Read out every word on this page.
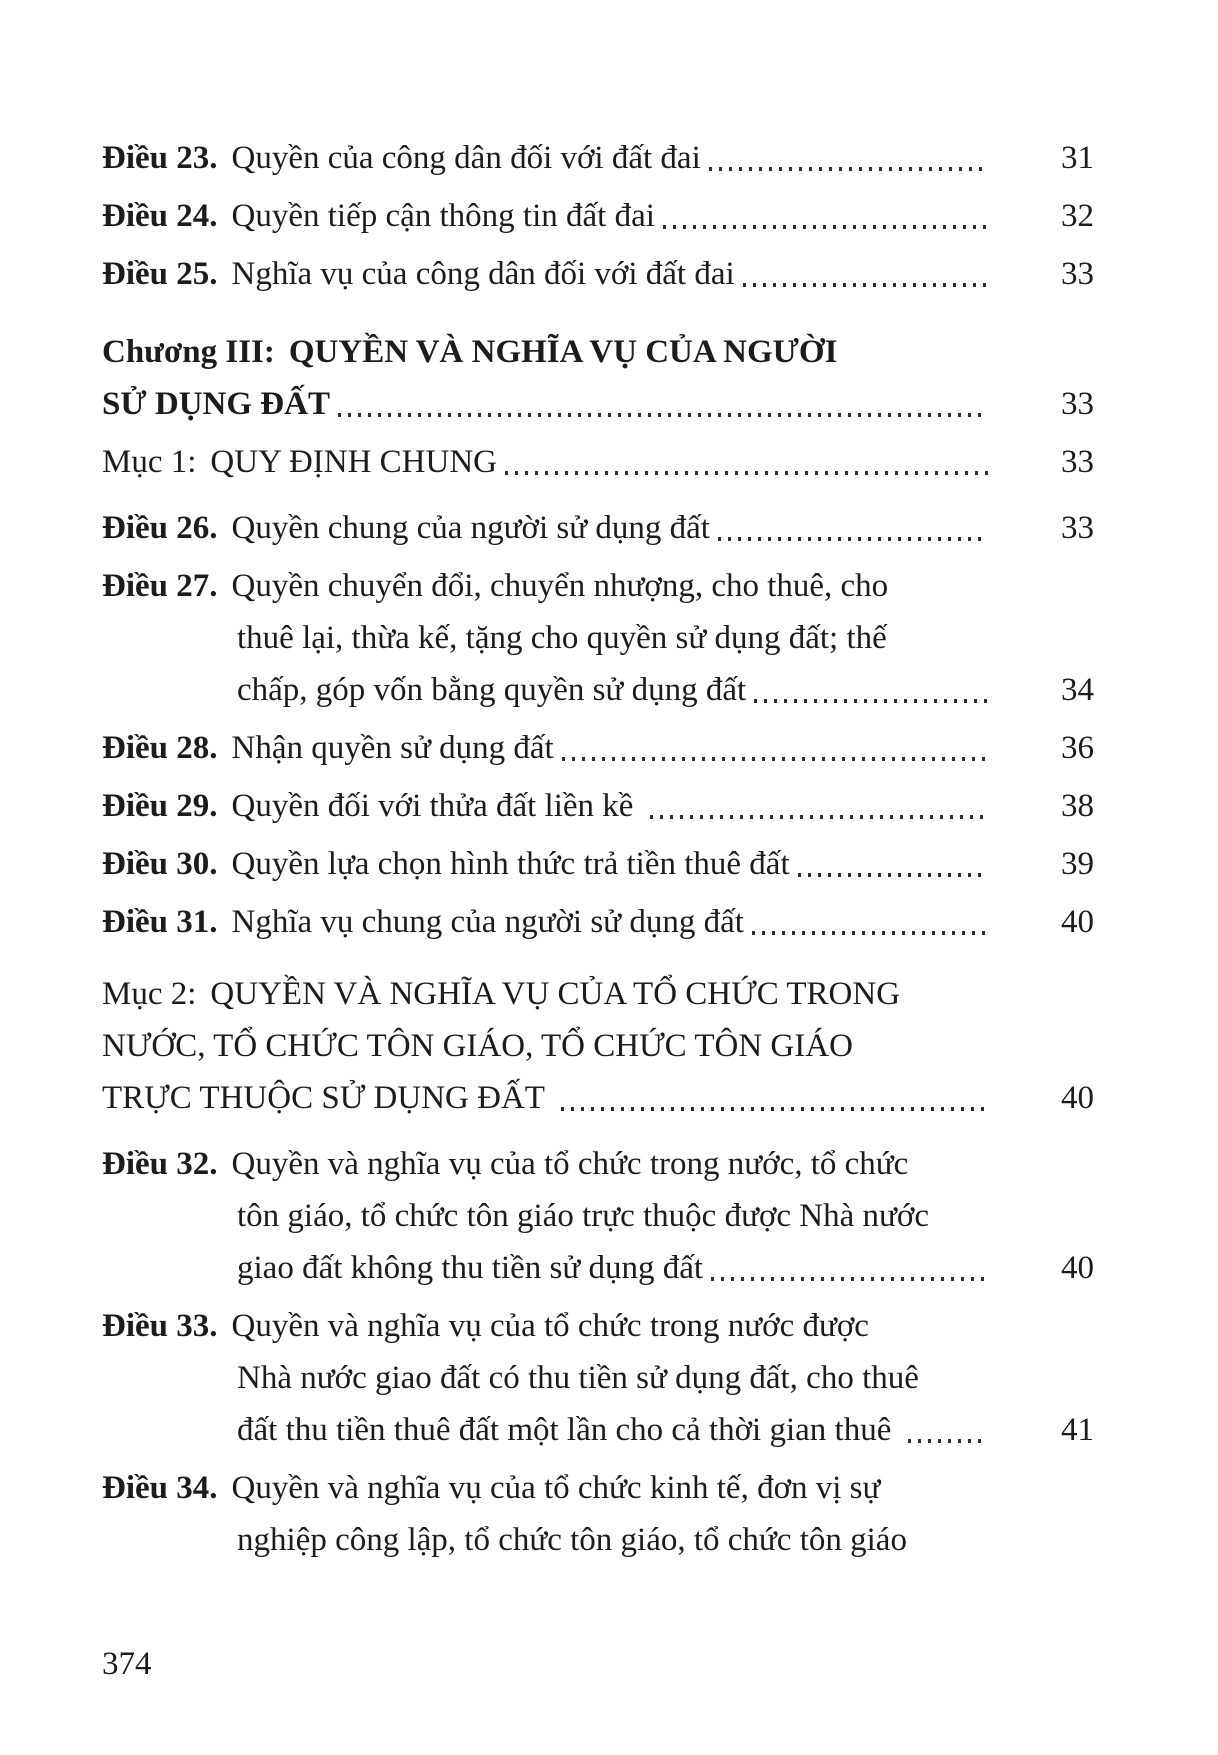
Điều 23. Quyền của công dân đối với đất đai	31
Điều 24. Quyền tiếp cận thông tin đất đai	32
Điều 25. Nghĩa vụ của công dân đối với đất đai	33
Chương III: QUYỀN VÀ NGHĨA VỤ CỦA NGƯỜI
SỬ DỤNG ĐẤT	33
Mục 1: QUY ĐỊNH CHUNG	33
Điều 26. Quyền chung của người sử dụng đất	33
Điều 27. Quyền chuyển đổi, chuyển nhượng, cho thuê, cho
thuê lại, thừa kế, tặng cho quyền sử dụng đất; thế
chấp, góp vốn bằng quyền sử dụng đất	34
Điều 28. Nhận quyền sử dụng đất	36
Điều 29. Quyền đối với thửa đất liền kề	38
Điều 30. Quyền lựa chọn hình thức trả tiền thuê đất	39
Điều 31. Nghĩa vụ chung của người sử dụng đất	40
Mục 2: QUYỀN VÀ NGHĨA VỤ CỦA TỔ CHỨC TRONG
NƯỚC, TỔ CHỨC TÔN GIÁO, TỔ CHỨC TÔN GIÁO
TRỰC THUỘC SỬ DỤNG ĐẤT	40
Điều 32. Quyền và nghĩa vụ của tổ chức trong nước, tổ chức
tôn giáo, tổ chức tôn giáo trực thuộc được Nhà nước
giao đất không thu tiền sử dụng đất	40
Điều 33. Quyền và nghĩa vụ của tổ chức trong nước được
Nhà nước giao đất có thu tiền sử dụng đất, cho thuê
đất thu tiền thuê đất một lần cho cả thời gian thuê	41
Điều 34. Quyền và nghĩa vụ của tổ chức kinh tế, đơn vị sự
nghiệp công lập, tổ chức tôn giáo, tổ chức tôn giáo
374
